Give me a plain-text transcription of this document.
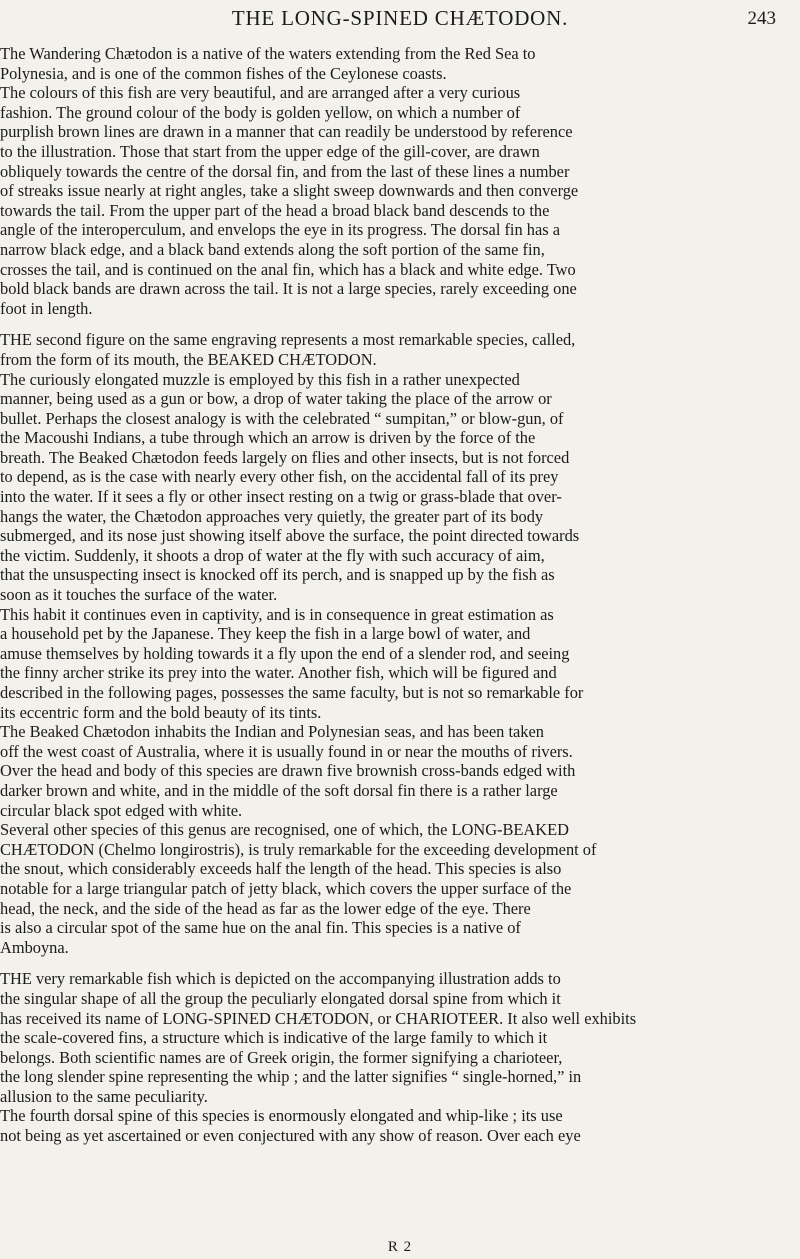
THE LONG-SPINED CHÆTODON.	243
The Wandering Chætodon is a native of the waters extending from the Red Sea to
Polynesia, and is one of the common fishes of the Ceylonese coasts.
The colours of this fish are very beautiful, and are arranged after a very curious
fashion. The ground colour of the body is golden yellow, on which a number of
purplish brown lines are drawn in a manner that can readily be understood by reference
to the illustration. Those that start from the upper edge of the gill-cover, are drawn
obliquely towards the centre of the dorsal fin, and from the last of these lines a number
of streaks issue nearly at right angles, take a slight sweep downwards and then converge
towards the tail. From the upper part of the head a broad black band descends to the
angle of the interoperculum, and envelops the eye in its progress. The dorsal fin has a
narrow black edge, and a black band extends along the soft portion of the same fin,
crosses the tail, and is continued on the anal fin, which has a black and white edge. Two
bold black bands are drawn across the tail. It is not a large species, rarely exceeding one
foot in length.
THE second figure on the same engraving represents a most remarkable species, called,
from the form of its mouth, the BEAKED CHÆTODON.
The curiously elongated muzzle is employed by this fish in a rather unexpected
manner, being used as a gun or bow, a drop of water taking the place of the arrow or
bullet. Perhaps the closest analogy is with the celebrated “ sumpitan,” or blow-gun, of
the Macoushi Indians, a tube through which an arrow is driven by the force of the
breath. The Beaked Chætodon feeds largely on flies and other insects, but is not forced
to depend, as is the case with nearly every other fish, on the accidental fall of its prey
into the water. If it sees a fly or other insect resting on a twig or grass-blade that over-
hangs the water, the Chætodon approaches very quietly, the greater part of its body
submerged, and its nose just showing itself above the surface, the point directed towards
the victim. Suddenly, it shoots a drop of water at the fly with such accuracy of aim,
that the unsuspecting insect is knocked off its perch, and is snapped up by the fish as
soon as it touches the surface of the water.
This habit it continues even in captivity, and is in consequence in great estimation as
a household pet by the Japanese. They keep the fish in a large bowl of water, and
amuse themselves by holding towards it a fly upon the end of a slender rod, and seeing
the finny archer strike its prey into the water. Another fish, which will be figured and
described in the following pages, possesses the same faculty, but is not so remarkable for
its eccentric form and the bold beauty of its tints.
The Beaked Chætodon inhabits the Indian and Polynesian seas, and has been taken
off the west coast of Australia, where it is usually found in or near the mouths of rivers.
Over the head and body of this species are drawn five brownish cross-bands edged with
darker brown and white, and in the middle of the soft dorsal fin there is a rather large
circular black spot edged with white.
Several other species of this genus are recognised, one of which, the LONG-BEAKED
CHÆTODON (Chelmo longirostris), is truly remarkable for the exceeding development of
the snout, which considerably exceeds half the length of the head. This species is also
notable for a large triangular patch of jetty black, which covers the upper surface of the
head, the neck, and the side of the head as far as the lower edge of the eye. There
is also a circular spot of the same hue on the anal fin. This species is a native of
Amboyna.
THE very remarkable fish which is depicted on the accompanying illustration adds to
the singular shape of all the group the peculiarly elongated dorsal spine from which it
has received its name of LONG-SPINED CHÆTODON, or CHARIOTEER. It also well exhibits
the scale-covered fins, a structure which is indicative of the large family to which it
belongs. Both scientific names are of Greek origin, the former signifying a charioteer,
the long slender spine representing the whip ; and the latter signifies “ single-horned,” in
allusion to the same peculiarity.
The fourth dorsal spine of this species is enormously elongated and whip-like ; its use
not being as yet ascertained or even conjectured with any show of reason. Over each eye
R 2
